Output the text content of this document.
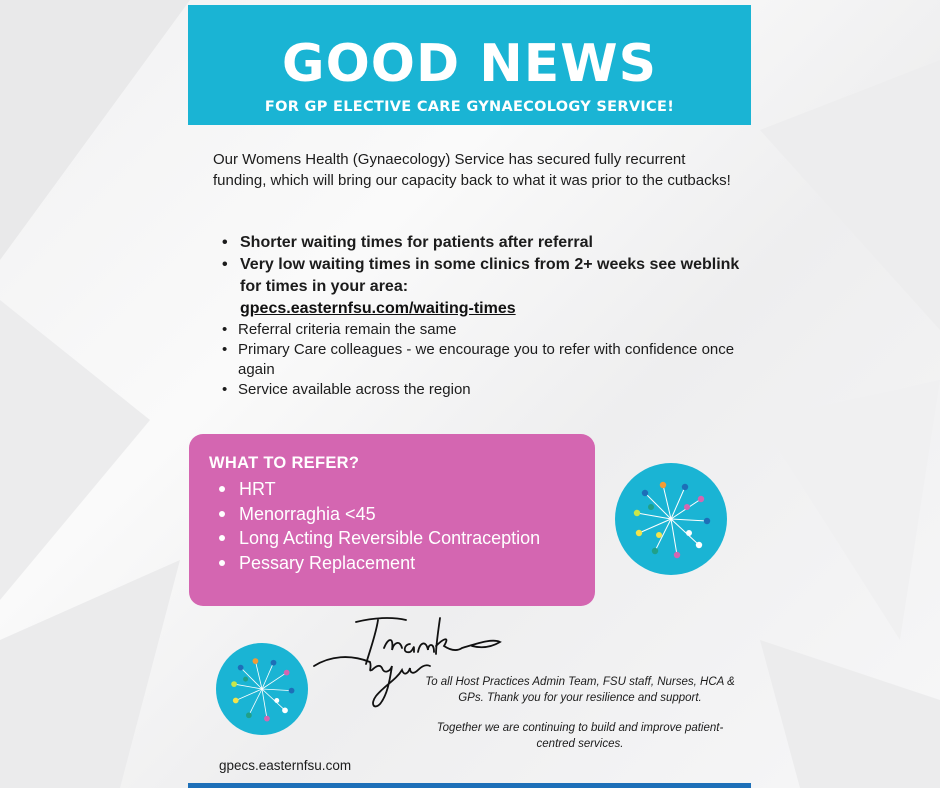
GOOD NEWS
FOR GP ELECTIVE CARE GYNAECOLOGY SERVICE!
Our Womens Health (Gynaecology) Service has secured fully recurrent funding, which will bring our capacity back to what it was prior to the cutbacks!
• Shorter waiting times for patients after referral
• Very low waiting times in some clinics from 2+ weeks see weblink for times in your area:
gpecs.easternfsu.com/waiting-times
• Referral criteria remain the same
• Primary Care colleagues - we encourage you to refer with confidence once again
• Service available across the region
WHAT TO REFER?
HRT
Menorraghia <45
Long Acting Reversible Contraception
Pessary Replacement

To all Host Practices Admin Team, FSU staff, Nurses, HCA & GPs. Thank you for your resilience and support.

Together we are continuing to build and improve patient-centred services.

gpecs.easternfsu.com
